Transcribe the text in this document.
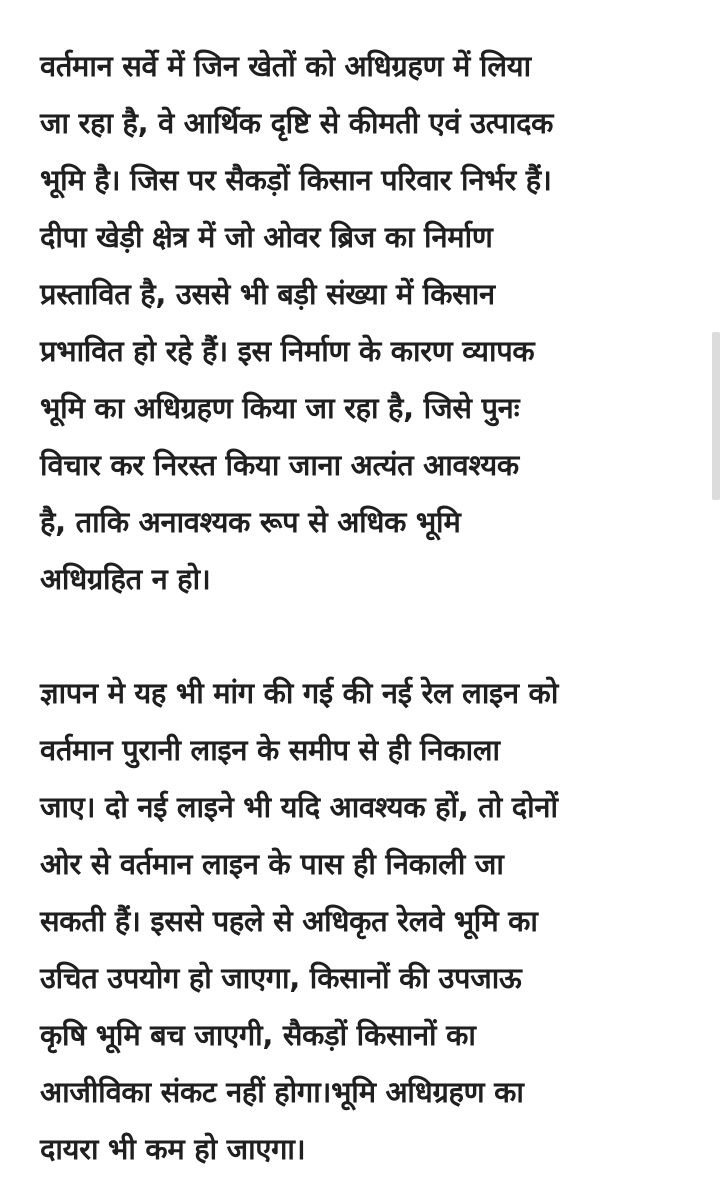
वर्तमान सर्वे में जिन खेतों को अधिग्रहण में लिया
जा रहा है, वे आर्थिक दृष्टि से कीमती एवं उत्पादक
भूमि है। जिस पर सैकड़ों किसान परिवार निर्भर हैं।
दीपा खेड़ी क्षेत्र में जो ओवर ब्रिज का निर्माण
प्रस्तावित है, उससे भी बड़ी संख्या में किसान
प्रभावित हो रहे हैं। इस निर्माण के कारण व्यापक
भूमि का अधिग्रहण किया जा रहा है, जिसे पुनः
विचार कर निरस्त किया जाना अत्यंत आवश्यक
है, ताकि अनावश्यक रूप से अधिक भूमि
अधिग्रहित न हो।

ज्ञापन मे यह भी मांग की गई की नई रेल लाइन को
वर्तमान पुरानी लाइन के समीप से ही निकाला
जाए। दो नई लाइने भी यदि आवश्यक हों, तो दोनों
ओर से वर्तमान लाइन के पास ही निकाली जा
सकती हैं। इससे पहले से अधिकृत रेलवे भूमि का
उचित उपयोग हो जाएगा, किसानों की उपजाऊ
कृषि भूमि बच जाएगी, सैकड़ों किसानों का
आजीविका संकट नहीं होगा।भूमि अधिग्रहण का
दायरा भी कम हो जाएगा।
